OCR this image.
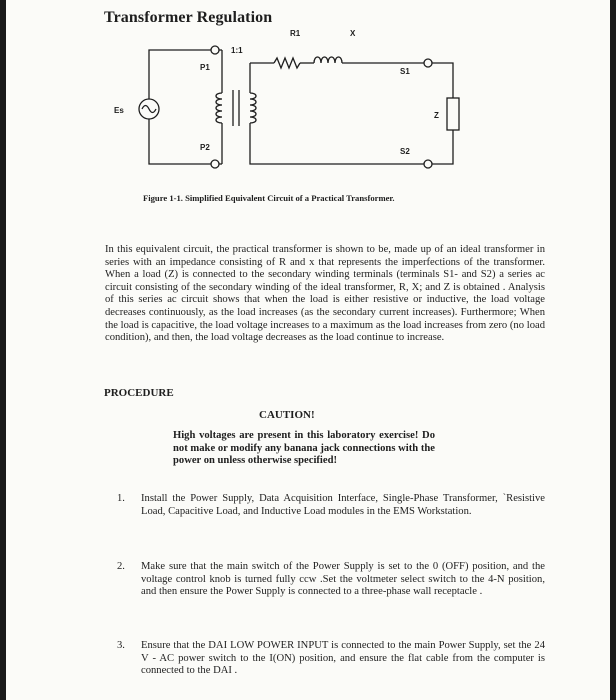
Transformer Regulation
Es
P1
P2
1:1
R1	X
S1
S2
Z
Figure 1-1. Simplified Equivalent Circuit of a Practical Transformer.
In this equivalent circuit, the practical transformer is shown to be, made up of an ideal transformer in series with an impedance consisting of R and x that represents the imperfections of the transformer. When a load (Z) is connected to the secondary winding terminals (terminals S1- and S2) a series ac circuit consisting of the secondary winding of the ideal transformer, R, X; and Z is obtained . Analysis of this series ac circuit shows that when the load is either resistive or inductive, the load voltage decreases continuously, as the load increases (as the secondary current increases). Furthermore; When the load is capacitive, the load voltage increases to a maximum as the load increases from zero (no load condition), and then, the load voltage decreases as the load continue to increase.
PROCEDURE
CAUTION!
High voltages are present in this laboratory exercise! Do not make or modify any banana jack connections with the power on unless otherwise specified!
1. Install the Power Supply, Data Acquisition Interface, Single-Phase Transformer, `Resistive Load, Capacitive Load, and Inductive Load modules in the EMS Workstation.
2. Make sure that the main switch of the Power Supply is set to the 0 (OFF) position, and the voltage control knob is turned fully ccw .Set the voltmeter select switch to the 4-N position, and then ensure the Power Supply is connected to a three-phase wall receptacle .
3. Ensure that the DAI LOW POWER INPUT is connected to the main Power Supply, set the 24 V - AC power switch to the I(ON) position, and ensure the flat cable from the computer is connected to the DAI .
